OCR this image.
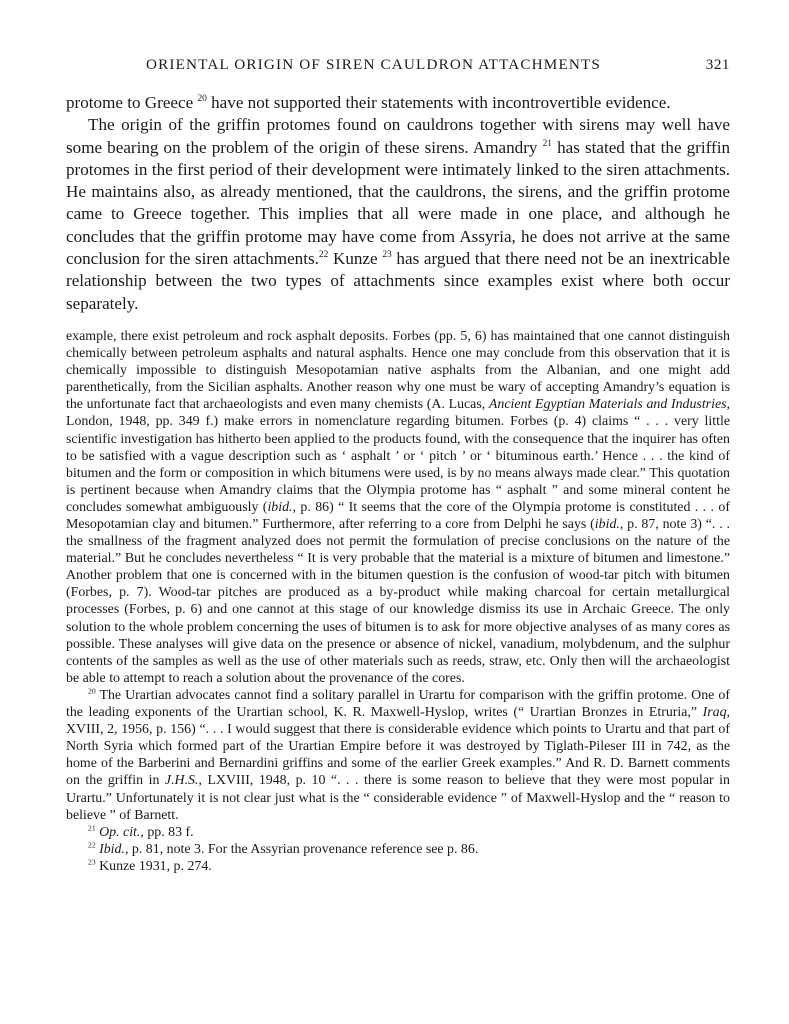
ORIENTAL ORIGIN OF SIREN CAULDRON ATTACHMENTS	321

protome to Greece $^{20}$ have not supported their statements with incontrovertible evidence.

The origin of the griffin protomes found on cauldrons together with sirens may well have some bearing on the problem of the origin of these sirens. Amandry $^{21}$ has stated that the griffin protomes in the first period of their development were intimately linked to the siren attachments. He maintains also, as already mentioned, that the cauldrons, the sirens, and the griffin protome came to Greece together. This implies that all were made in one place, and although he concludes that the griffin protome may have come from Assyria, he does not arrive at the same conclusion for the siren attachments.$^{22}$ Kunze $^{23}$ has argued that there need not be an inextricable relationship between the two types of attachments since examples exist where both occur separately.

example, there exist petroleum and rock asphalt deposits. Forbes (pp. 5, 6) has maintained that one cannot distinguish chemically between petroleum asphalts and natural asphalts. Hence one may conclude from this observation that it is chemically impossible to distinguish Mesopotamian native asphalts from the Albanian, and one might add parenthetically, from the Sicilian asphalts. Another reason why one must be wary of accepting Amandry’s equation is the unfortunate fact that archaeologists and even many chemists (A. Lucas, Ancient Egyptian Materials and Industries, London, 1948, pp. 349 f.) make errors in nomenclature regarding bitumen. Forbes (p. 4) claims “ . . . very little scientific investigation has hitherto been applied to the products found, with the consequence that the inquirer has often to be satisfied with a vague description such as ‘ asphalt ’ or ‘ pitch ’ or ‘ bituminous earth.’ Hence . . . the kind of bitumen and the form or composition in which bitumens were used, is by no means always made clear.” This quotation is pertinent because when Amandry claims that the Olympia protome has “ asphalt ” and some mineral content he concludes somewhat ambiguously (ibid., p. 86) “ It seems that the core of the Olympia protome is constituted . . . of Mesopotamian clay and bitumen.” Furthermore, after referring to a core from Delphi he says (ibid., p. 87, note 3) “. . . the smallness of the fragment analyzed does not permit the formulation of precise conclusions on the nature of the material.” But he concludes nevertheless “ It is very probable that the material is a mixture of bitumen and limestone.” Another problem that one is concerned with in the bitumen question is the confusion of wood-tar pitch with bitumen (Forbes, p. 7). Wood-tar pitches are produced as a by-product while making charcoal for certain metallurgical processes (Forbes, p. 6) and one cannot at this stage of our knowledge dismiss its use in Archaic Greece. The only solution to the whole problem concerning the uses of bitumen is to ask for more objective analyses of as many cores as possible. These analyses will give data on the presence or absence of nickel, vanadium, molybdenum, and the sulphur contents of the samples as well as the use of other materials such as reeds, straw, etc. Only then will the archaeologist be able to attempt to reach a solution about the provenance of the cores.

$^{20}$ The Urartian advocates cannot find a solitary parallel in Urartu for comparison with the griffin protome. One of the leading exponents of the Urartian school, K. R. Maxwell-Hyslop, writes (“ Urartian Bronzes in Etruria,” Iraq, XVIII, 2, 1956, p. 156) “. . . I would suggest that there is considerable evidence which points to Urartu and that part of North Syria which formed part of the Urartian Empire before it was destroyed by Tiglath-Pileser III in 742, as the home of the Barberini and Bernardini griffins and some of the earlier Greek examples.” And R. D. Barnett comments on the griffin in J.H.S., LXVIII, 1948, p. 10 “. . . there is some reason to believe that they were most popular in Urartu.” Unfortunately it is not clear just what is the “ considerable evidence ” of Maxwell-Hyslop and the “ reason to believe ” of Barnett.

$^{21}$ Op. cit., pp. 83 f.

$^{22}$ Ibid., p. 81, note 3. For the Assyrian provenance reference see p. 86.

$^{23}$ Kunze 1931, p. 274.
